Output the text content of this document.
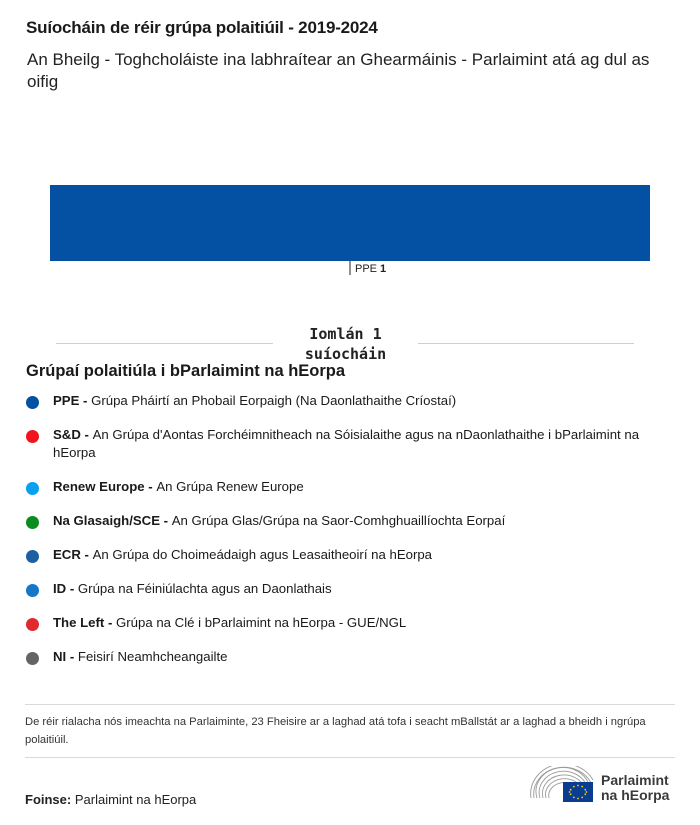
Suíocháin de réir grúpa polaitiúil - 2019-2024
An Bheilg - Toghcholáiste ina labhraítear an Ghearmáinis - Parlaimint atá ag dul as oifig
PPE 1
Iomlán 1
suíocháin
Grúpaí polaitiúla i bParlaimint na hEorpa
PPE - Grúpa Pháirtí an Phobail Eorpaigh (Na Daonlathaithe Críostaí)
S&D - An Grúpa d'Aontas Forchéimnitheach na Sóisialaithe agus na nDaonlathaithe i bParlaimint na hEorpa
Renew Europe - An Grúpa Renew Europe
Na Glasaigh/SCE - An Grúpa Glas/Grúpa na Saor-Comhghuaillíochta Eorpaí
ECR - An Grúpa do Choimeádaigh agus Leasaitheoirí na hEorpa
ID - Grúpa na Féiniúlachta agus an Daonlathais
The Left - Grúpa na Clé i bParlaimint na hEorpa - GUE/NGL
NI - Feisirí Neamhcheangailte
De réir rialacha nós imeachta na Parlaiminte, 23 Fheisire ar a laghad atá tofa i seacht mBallstát ar a laghad a bheidh i ngrúpa polaitiúil.
Foinse: Parlaimint na hEorpa
Parlaimint
na hEorpa
